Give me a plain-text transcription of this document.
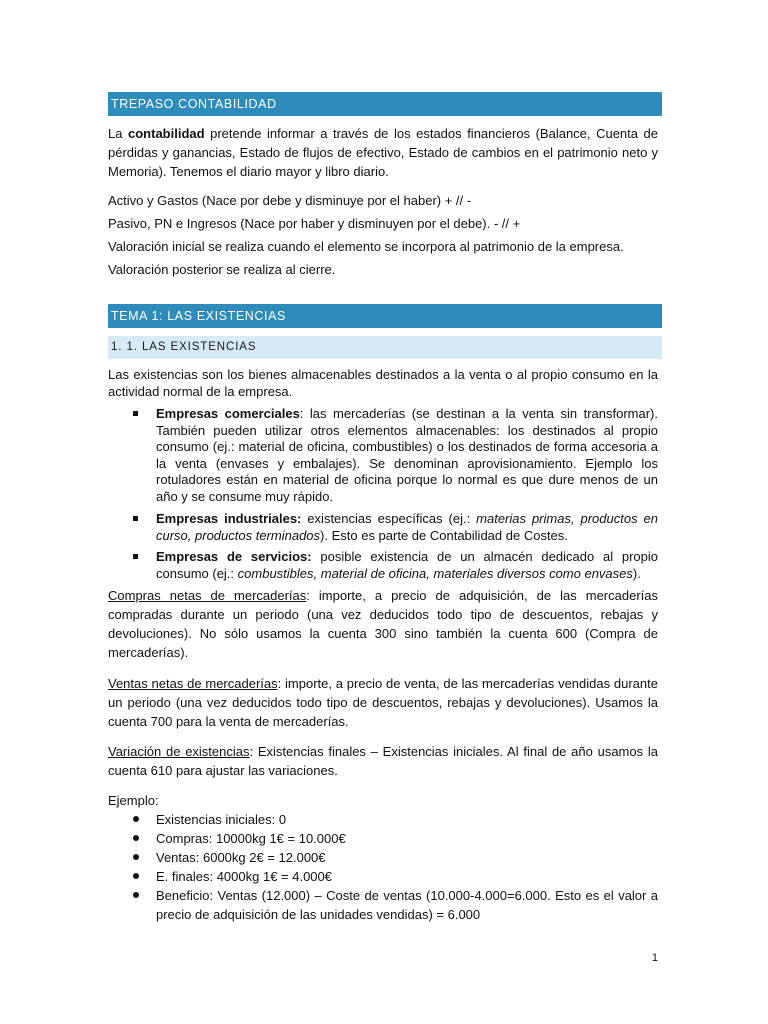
TREPASO CONTABILIDAD
La contabilidad pretende informar a través de los estados financieros (Balance, Cuenta de pérdidas y ganancias, Estado de flujos de efectivo, Estado de cambios en el patrimonio neto y Memoria). Tenemos el diario mayor y libro diario.
Activo y Gastos (Nace por debe y disminuye por el haber) + // -
Pasivo, PN e Ingresos (Nace por haber y disminuyen por el debe). - // +
Valoración inicial se realiza cuando el elemento se incorpora al patrimonio de la empresa.
Valoración posterior se realiza al cierre.
TEMA 1: LAS EXISTENCIAS
1. 1. LAS EXISTENCIAS
Las existencias son los bienes almacenables destinados a la venta o al propio consumo en la actividad normal de la empresa.
Empresas comerciales: las mercaderías (se destinan a la venta sin transformar). También pueden utilizar otros elementos almacenables: los destinados al propio consumo (ej.: material de oficina, combustibles) o los destinados de forma accesoria a la venta (envases y embalajes). Se denominan aprovisionamiento. Ejemplo los rotuladores están en material de oficina porque lo normal es que dure menos de un año y se consume muy rápido.
Empresas industriales: existencias específicas (ej.: materias primas, productos en curso, productos terminados). Esto es parte de Contabilidad de Costes.
Empresas de servicios: posible existencia de un almacén dedicado al propio consumo (ej.: combustibles, material de oficina, materiales diversos como envases).
Compras netas de mercaderías: importe, a precio de adquisición, de las mercaderías compradas durante un periodo (una vez deducidos todo tipo de descuentos, rebajas y devoluciones). No sólo usamos la cuenta 300 sino también la cuenta 600 (Compra de mercaderías).
Ventas netas de mercaderías: importe, a precio de venta, de las mercaderías vendidas durante un periodo (una vez deducidos todo tipo de descuentos, rebajas y devoluciones). Usamos la cuenta 700 para la venta de mercaderías.
Variación de existencias: Existencias finales – Existencias iniciales. Al final de año usamos la cuenta 610 para ajustar las variaciones.
Ejemplo:
Existencias iniciales: 0
Compras: 10000kg 1€ = 10.000€
Ventas: 6000kg 2€ = 12.000€
E. finales: 4000kg 1€ = 4.000€
Beneficio: Ventas (12.000) – Coste de ventas (10.000-4.000=6.000. Esto es el valor a precio de adquisición de las unidades vendidas) = 6.000
1
